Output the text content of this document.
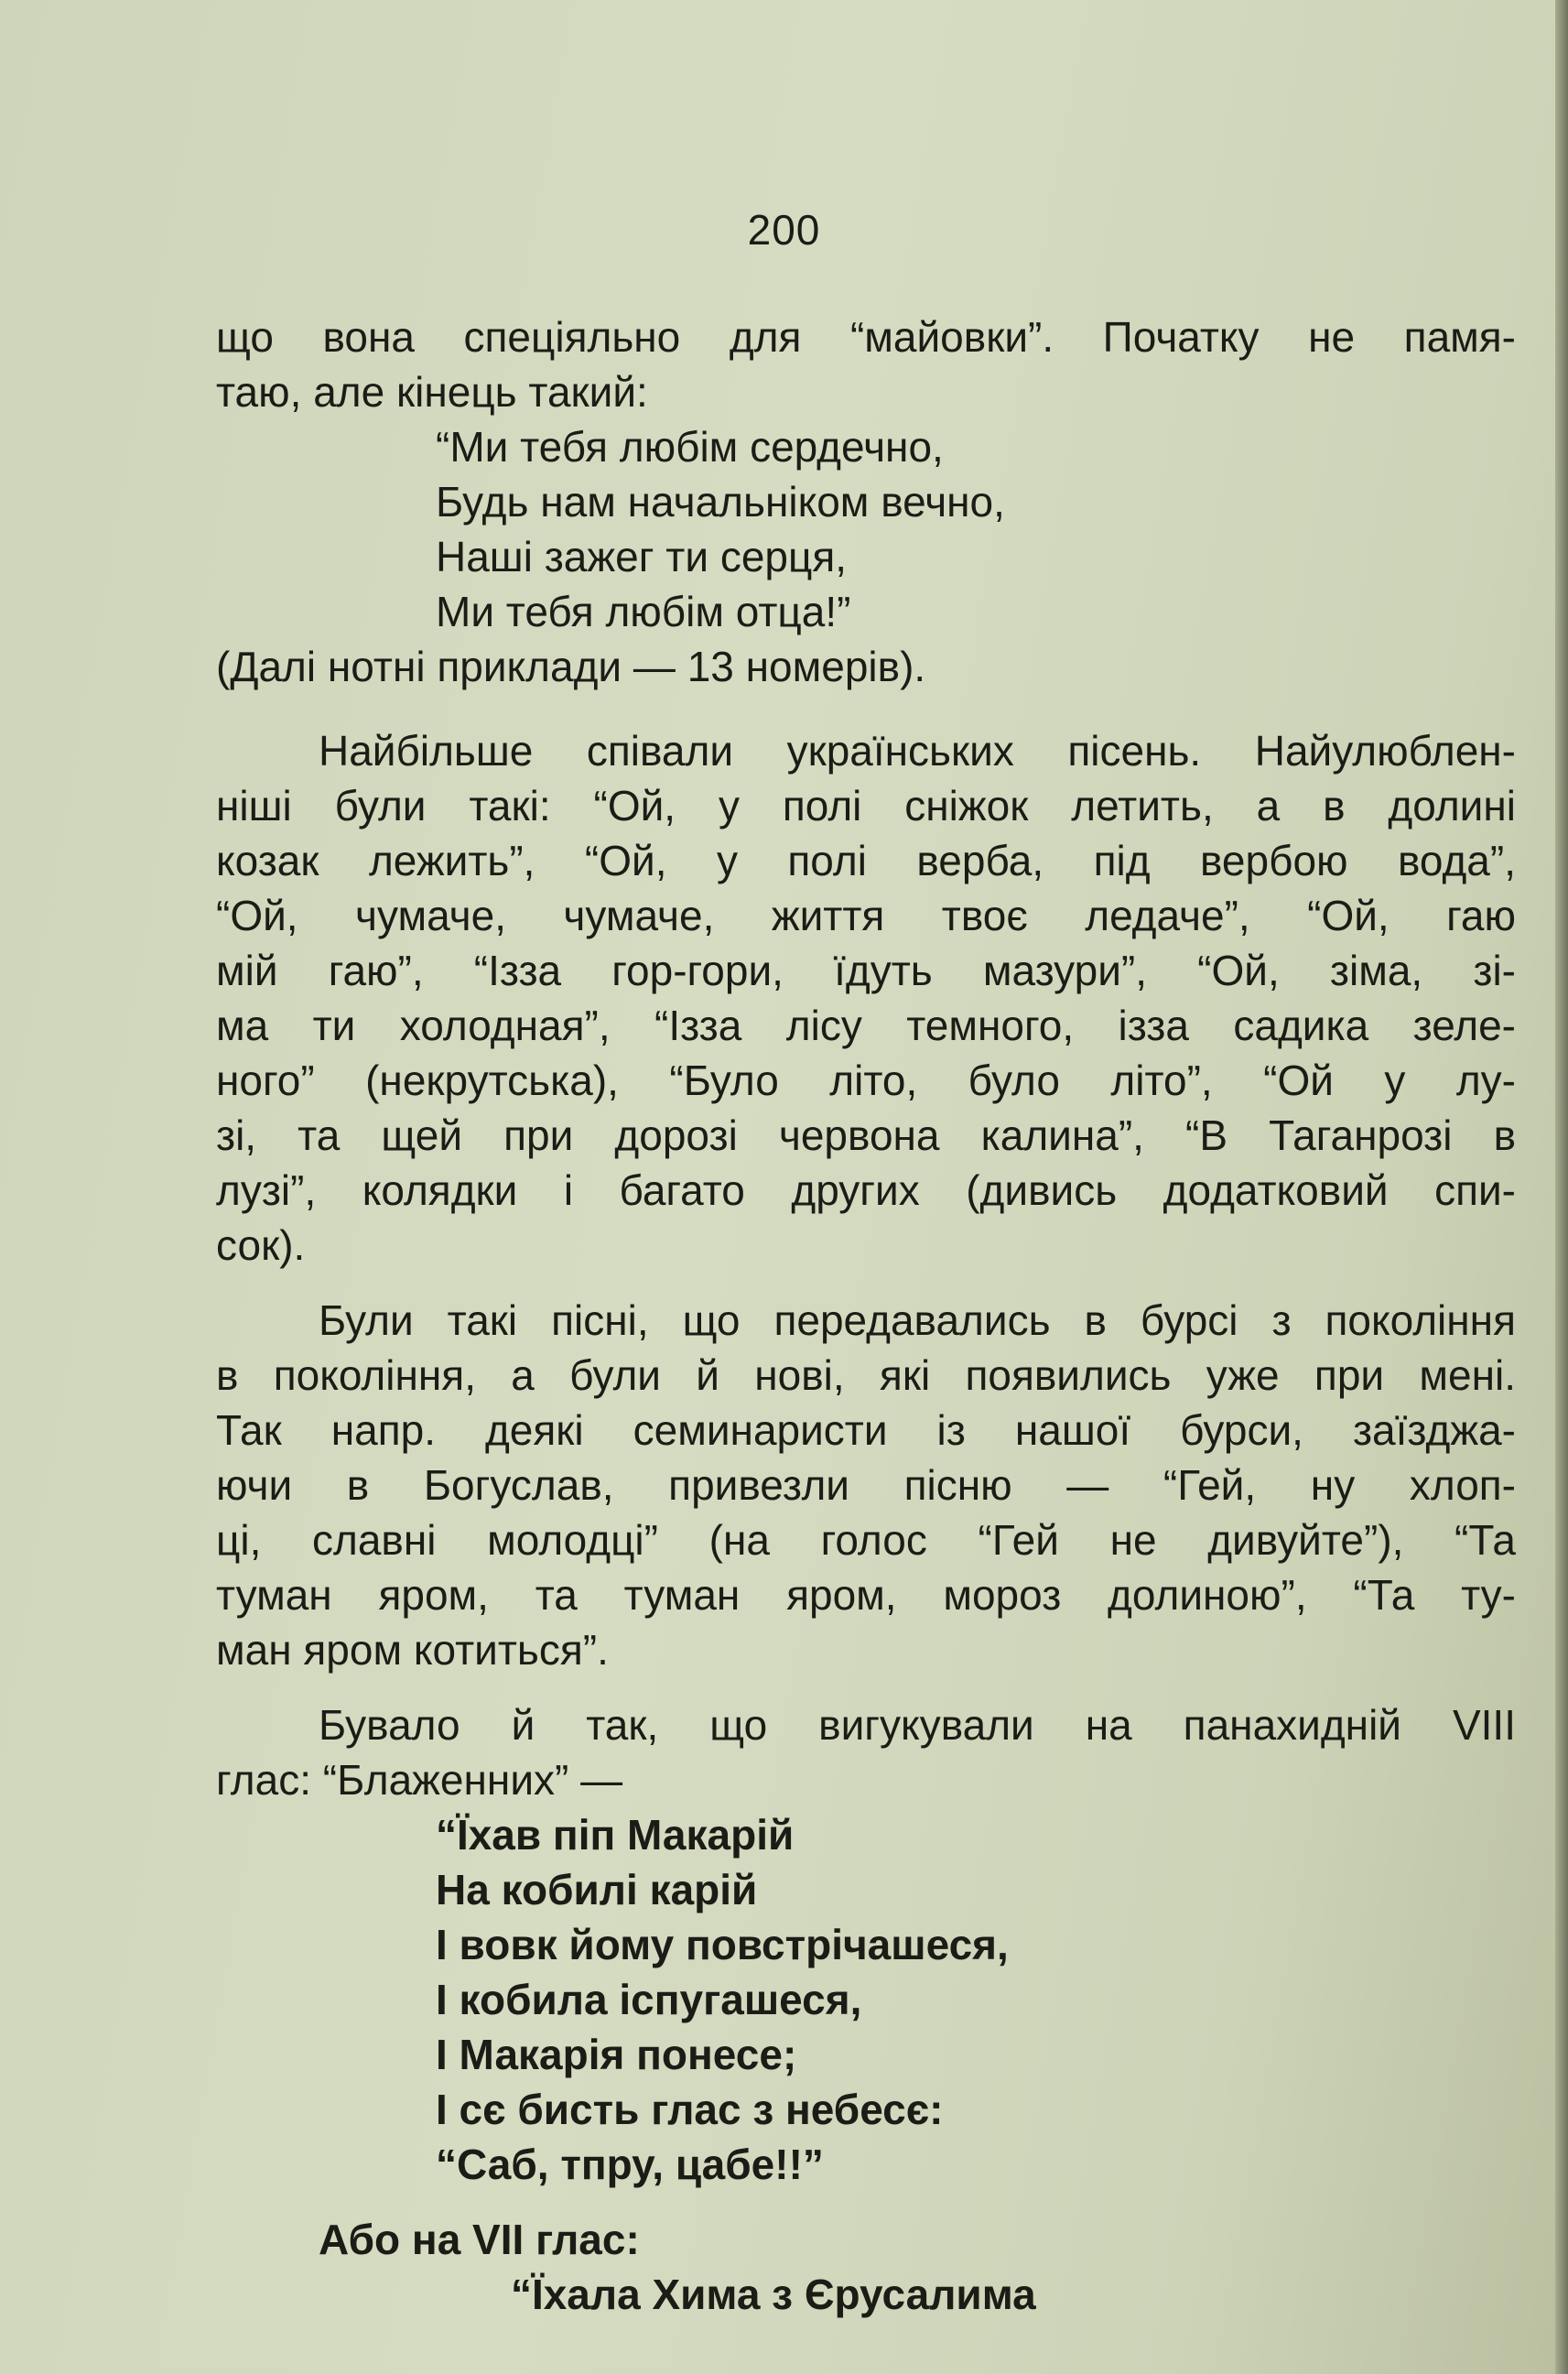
200
що вона спеціяльно для “майовки”. Початку не памя-
таю, але кінець такий:
“Ми тебя любім сердечно,
Будь нам начальніком вечно,
Наші зажег ти серця,
Ми тебя любім отца!”
(Далі нотні приклади — 13 номерів).
Найбільше співали українських пісень. Найулюблен-
ніші були такі: “Ой, у полі сніжок летить, а в долині
козак лежить”, “Ой, у полі верба, під вербою вода”,
“Ой, чумаче, чумаче, життя твоє ледаче”, “Ой, гаю
мій гаю”, “Ізза гор-гори, їдуть мазури”, “Ой, зіма, зі-
ма ти холодная”, “Ізза лісу темного, ізза садика зеле-
ного” (некрутська), “Було літо, було літо”, “Ой у лу-
зі, та щей при дорозі червона калина”, “В Таганрозі в
лузі”, колядки і багато других (дивись додатковий спи-
сок).
Були такі пісні, що передавались в бурсі з покоління
в покоління, а були й нові, які появились уже при мені.
Так напр. деякі семинаристи із нашої бурси, заїзджа-
ючи в Богуслав, привезли пісню — “Гей, ну хлоп-
ці, славні молодці” (на голос “Гей не дивуйте”), “Та
туман яром, та туман яром, мороз долиною”, “Та ту-
ман яром котиться”.
Бувало й так, що вигукували на панахидній VIII
глас: “Блаженних” —
“Їхав піп Макарій
На кобилі карій
І вовк йому повстрічашеся,
І кобила іспугашеся,
І Макарія понесе;
І сє бисть глас з небесє:
“Саб, тпру, цабе!!”
Або на VII глас:
“Їхала Хима з Єрусалима
